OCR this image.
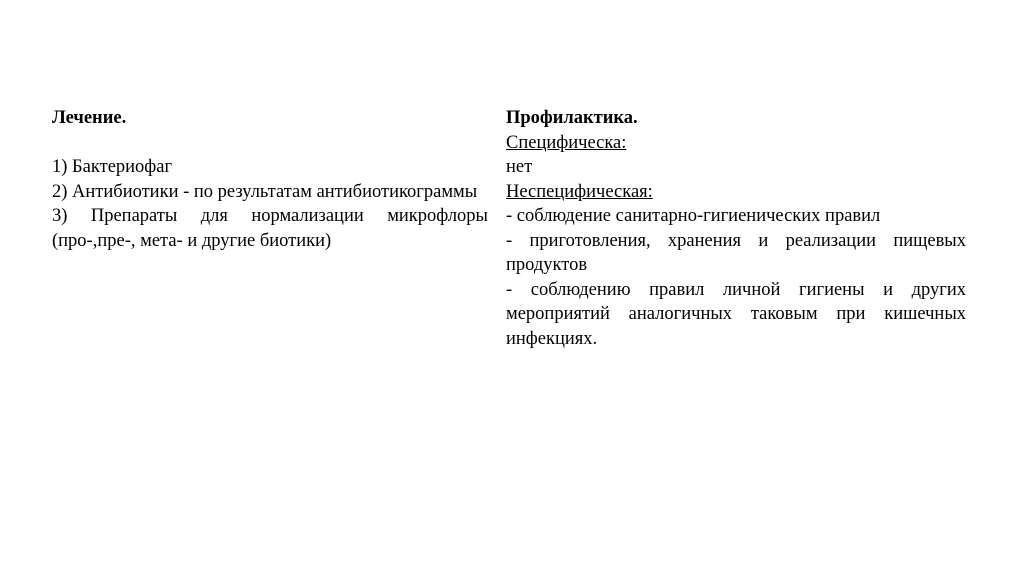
Лечение.
1) Бактериофаг
2) Антибиотики - по результатам антибиотикограммы
3) Препараты для нормализации микрофлоры (про-,пре-, мета- и другие биотики)
Профилактика.
Специфическа:
нет
Неспецифическая:
- соблюдение санитарно-гигиенических правил
- приготовления, хранения и реализации пищевых продуктов
- соблюдению правил личной гигиены и других мероприятий аналогичных таковым при кишечных инфекциях.
